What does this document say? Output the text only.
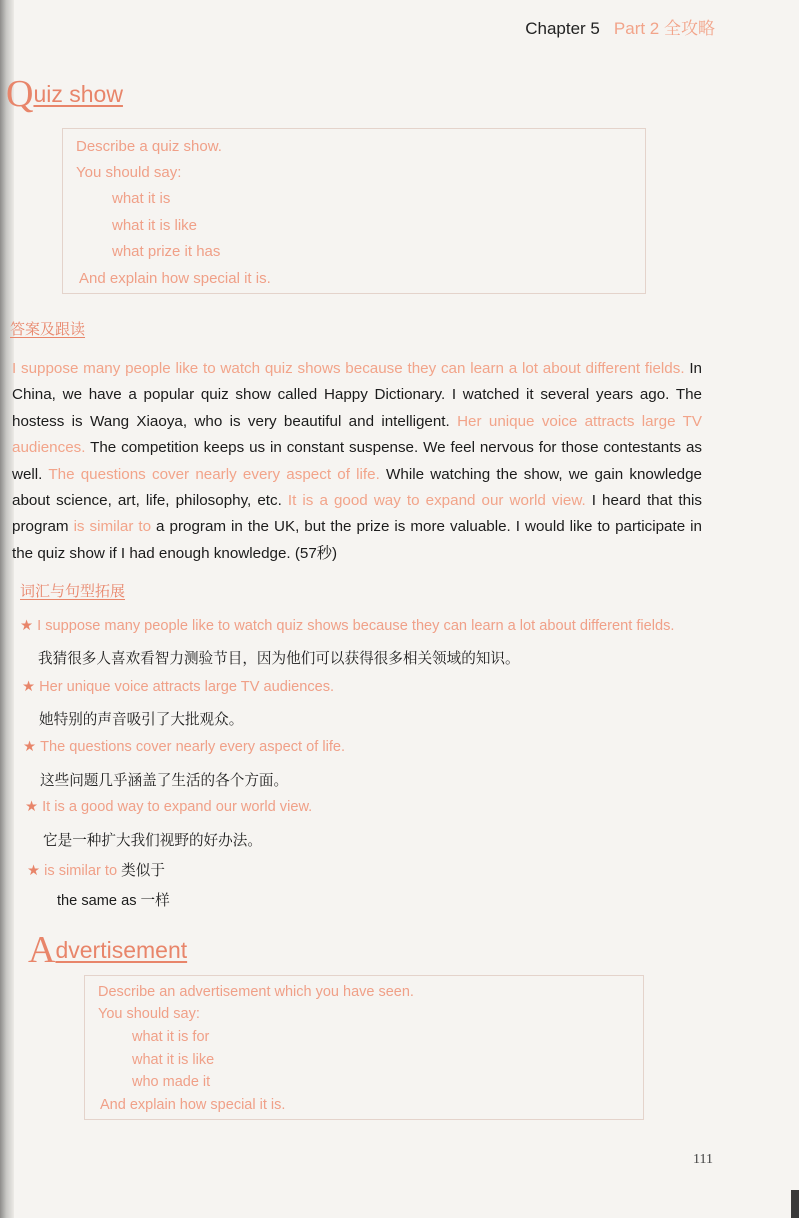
Chapter 5 Part 2 全攻略
Quiz show
Describe a quiz show.
You should say:
what it is
what it is like
what prize it has
And explain how special it is.
答案及跟读
I suppose many people like to watch quiz shows because they can learn a lot about different fields. In China, we have a popular quiz show called Happy Dictionary. I watched it several years ago. The hostess is Wang Xiaoya, who is very beautiful and intelligent. Her unique voice attracts large TV audiences. The competition keeps us in constant suspense. We feel nervous for those contestants as well. The questions cover nearly every aspect of life. While watching the show, we gain knowledge about science, art, life, philosophy, etc. It is a good way to expand our world view. I heard that this program is similar to a program in the UK, but the prize is more valuable. I would like to participate in the quiz show if I had enough knowledge. (57秒)
词汇与句型拓展
★ I suppose many people like to watch quiz shows because they can learn a lot about different fields.
我猜很多人喜欢看智力测验节目，因为他们可以获得很多相关领域的知识。
★ Her unique voice attracts large TV audiences.
她特别的声音吸引了大批观众。
★ The questions cover nearly every aspect of life.
这些问题几乎涵盖了生活的各个方面。
★ It is a good way to expand our world view.
它是一种扩大我们视野的好办法。
★ is similar to 类似于
the same as 一样
Advertisement
Describe an advertisement which you have seen.
You should say:
what it is for
what it is like
who made it
And explain how special it is.
111
